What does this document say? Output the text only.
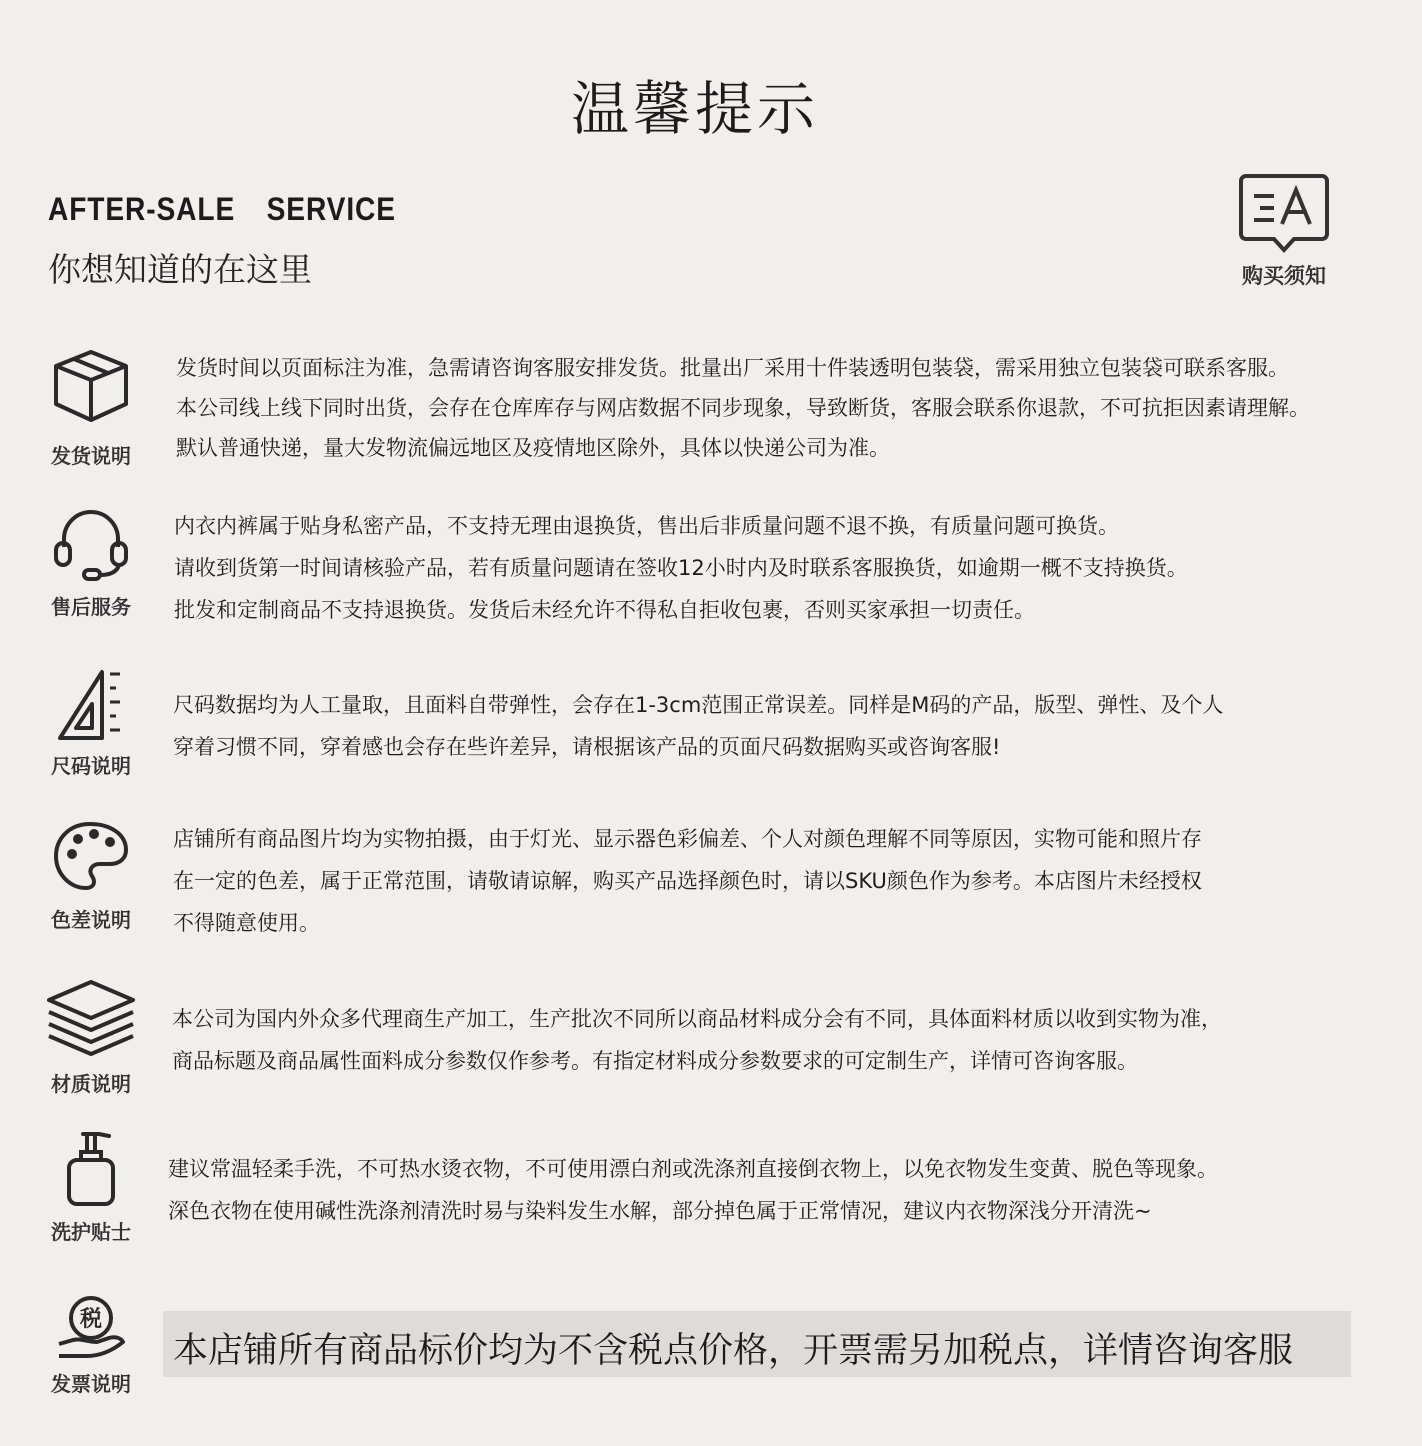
温馨提示
AFTER-SALE  SERVICE
你想知道的在这里	购买须知
发货说明

发货时间以页面标注为准，急需请咨询客服安排发货。批量出厂采用十件装透明包装袋，需采用独立包装袋可联系客服。

本公司线上线下同时出货，会存在仓库库存与网店数据不同步现象，导致断货，客服会联系你退款，不可抗拒因素请理解。

默认普通快递，量大发物流偏远地区及疫情地区除外，具体以快递公司为准。

售后服务

内衣内裤属于贴身私密产品，不支持无理由退换货，售出后非质量问题不退不换，有质量问题可换货。

请收到货第一时间请核验产品，若有质量问题请在签收12小时内及时联系客服换货，如逾期一概不支持换货。

批发和定制商品不支持退换货。发货后未经允许不得私自拒收包裹，否则买家承担一切责任。

尺码说明

尺码数据均为人工量取，且面料自带弹性，会存在1-3cm范围正常误差。同样是M码的产品，版型、弹性、及个人

穿着习惯不同，穿着感也会存在些许差异，请根据该产品的页面尺码数据购买或咨询客服!

色差说明

店铺所有商品图片均为实物拍摄，由于灯光、显示器色彩偏差、个人对颜色理解不同等原因，实物可能和照片存

在一定的色差，属于正常范围，请敬请谅解，购买产品选择颜色时，请以SKU颜色作为参考。本店图片未经授权

不得随意使用。

材质说明

本公司为国内外众多代理商生产加工，生产批次不同所以商品材料成分会有不同，具体面料材质以收到实物为准，

商品标题及商品属性面料成分参数仅作参考。有指定材料成分参数要求的可定制生产，详情可咨询客服。

洗护贴士

建议常温轻柔手洗，不可热水烫衣物，不可使用漂白剂或洗涤剂直接倒衣物上，以免衣物发生变黄、脱色等现象。

深色衣物在使用碱性洗涤剂清洗时易与染料发生水解，部分掉色属于正常情况，建议内衣物深浅分开清洗~

税
发票说明
本店铺所有商品标价均为不含税点价格，开票需另加税点，详情咨询客服
